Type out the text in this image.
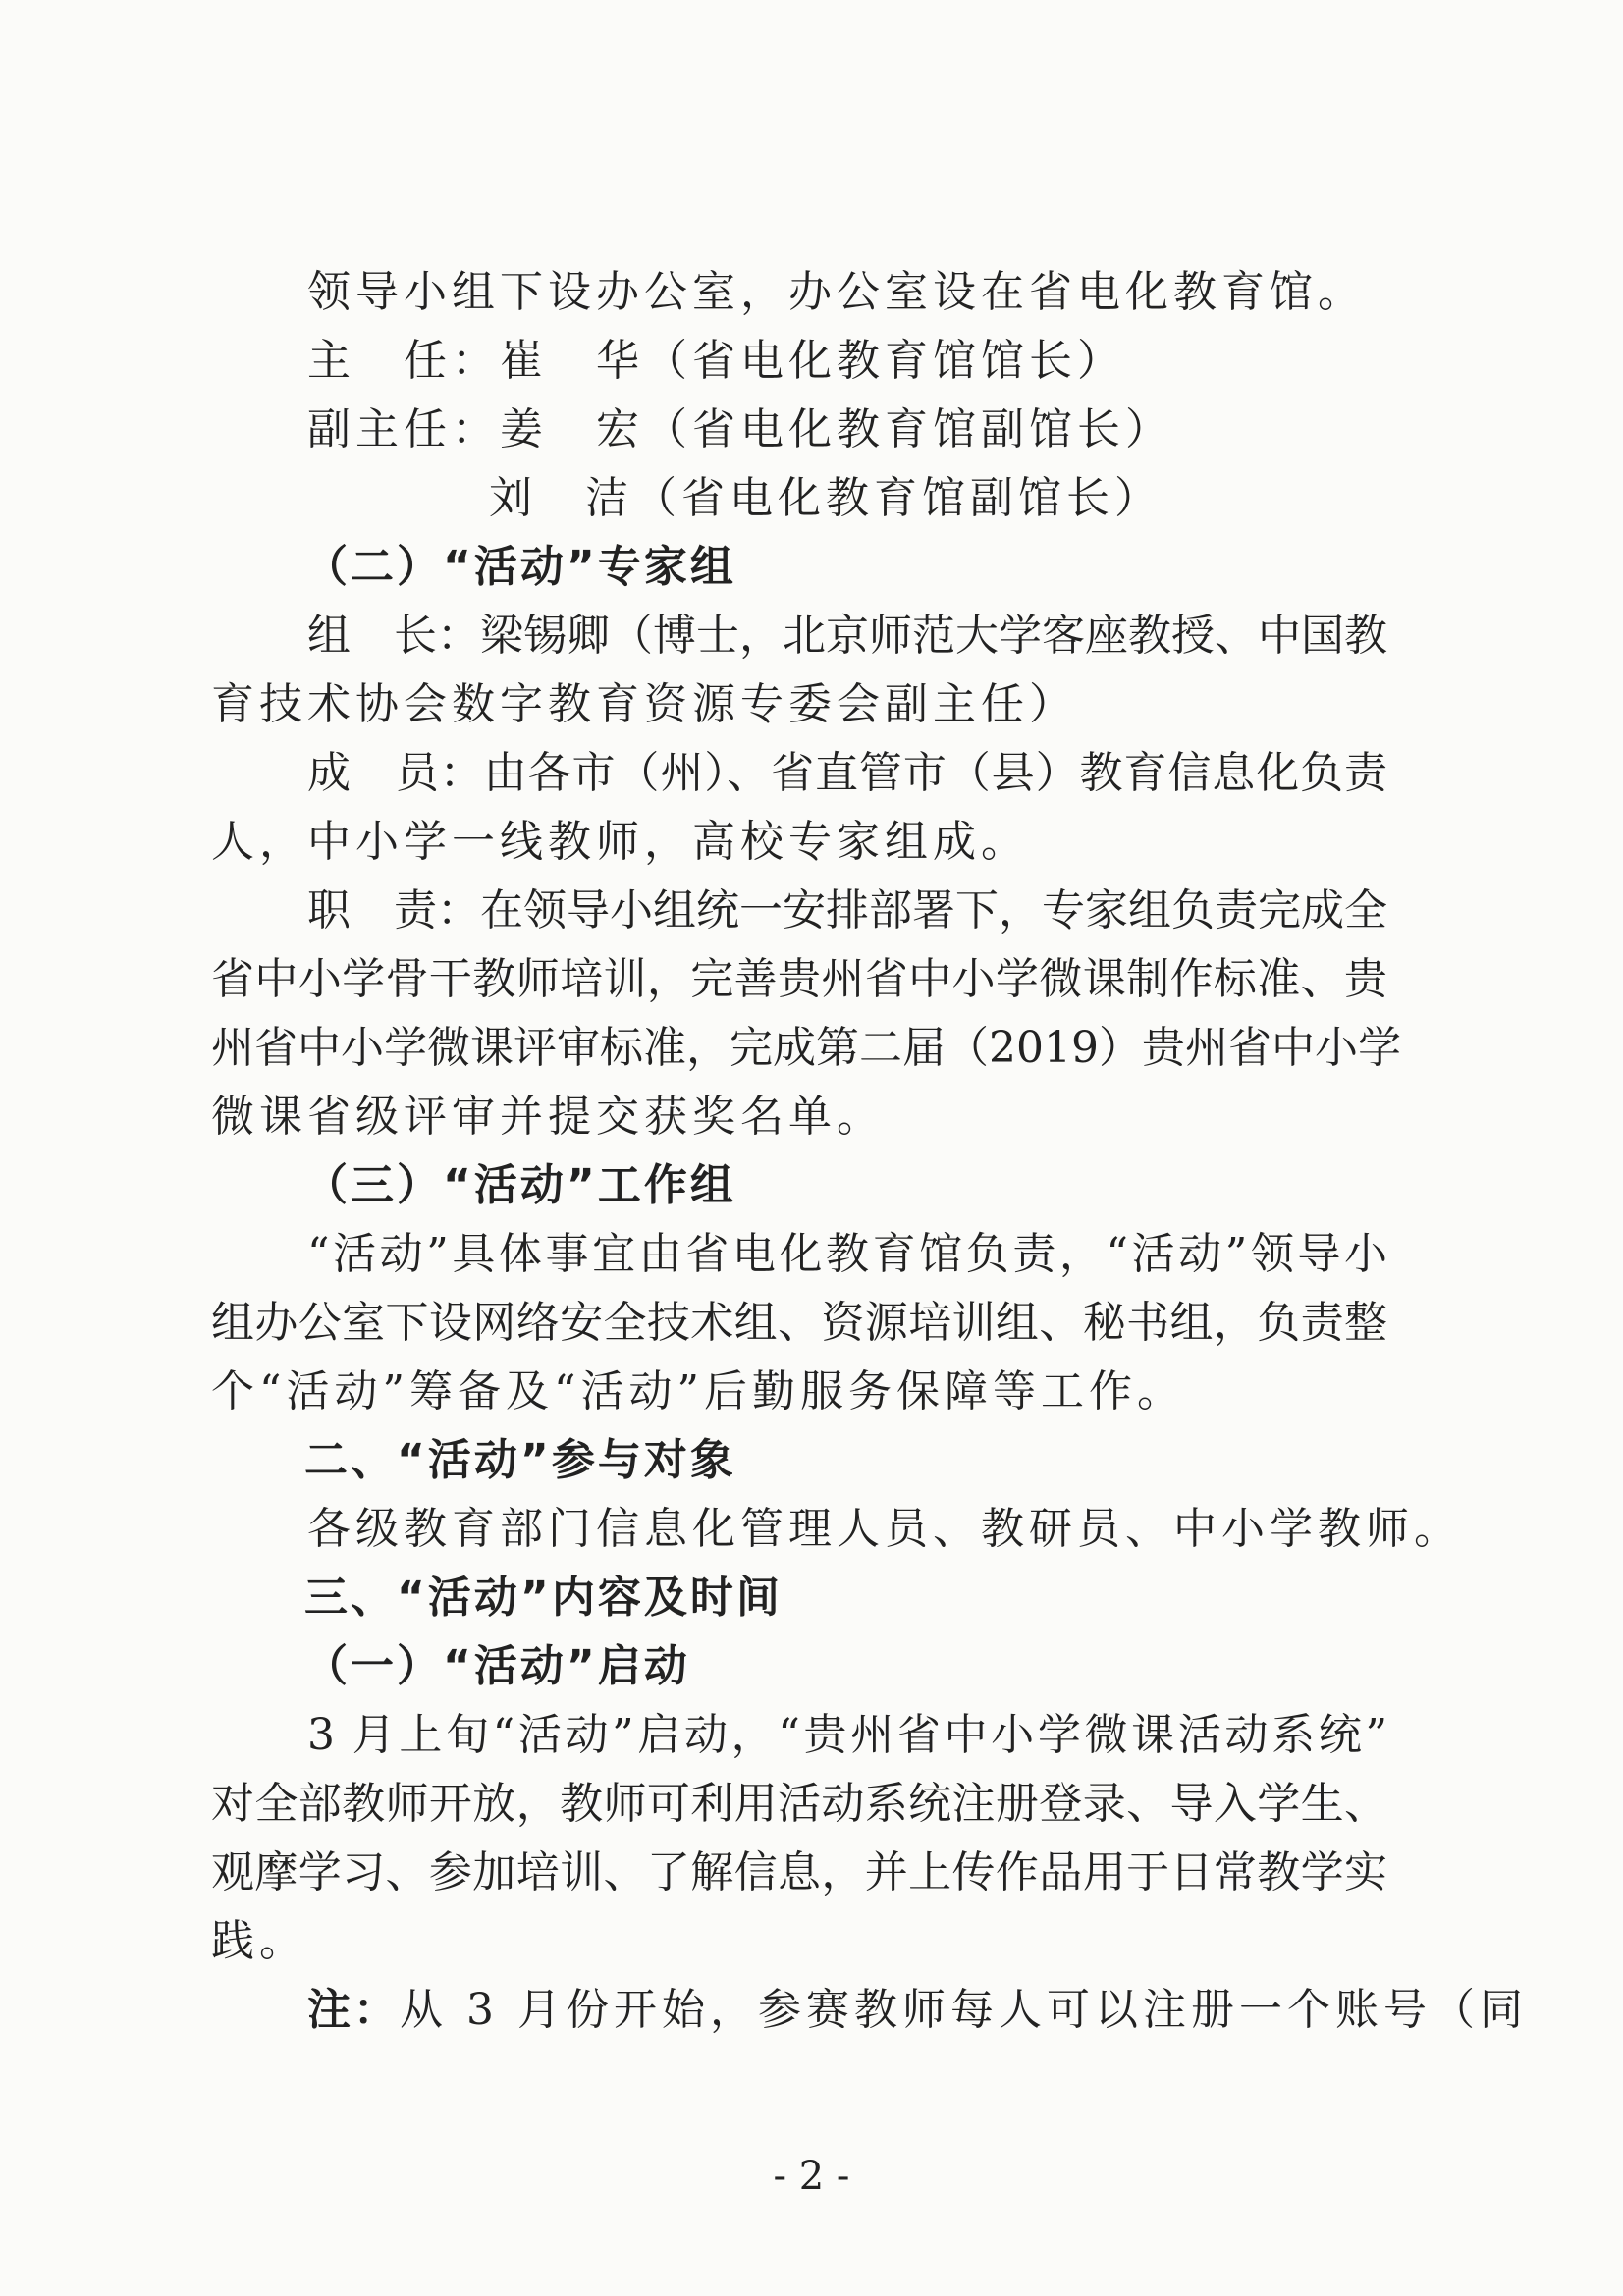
领导小组下设办公室，办公室设在省电化教育馆。
主　任：崔　华（省电化教育馆馆长）
副主任：姜　宏（省电化教育馆副馆长）
刘　洁（省电化教育馆副馆长）
（二）“活动”专家组
组　长：梁锡卿（博士，北京师范大学客座教授、中国教
育技术协会数字教育资源专委会副主任）
成　员：由各市（州）、省直管市（县）教育信息化负责
人，中小学一线教师，高校专家组成。
职　责：在领导小组统一安排部署下，专家组负责完成全
省中小学骨干教师培训，完善贵州省中小学微课制作标准、贵
州省中小学微课评审标准，完成第二届（2019）贵州省中小学
微课省级评审并提交获奖名单。
（三）“活动”工作组
“活动”具体事宜由省电化教育馆负责，“活动”领导小
组办公室下设网络安全技术组、资源培训组、秘书组，负责整
个“活动”筹备及“活动”后勤服务保障等工作。
二、“活动”参与对象
各级教育部门信息化管理人员、教研员、中小学教师。
三、“活动”内容及时间
（一）“活动”启动
3 月上旬“活动”启动，“贵州省中小学微课活动系统”
对全部教师开放，教师可利用活动系统注册登录、导入学生、
观摩学习、参加培训、了解信息，并上传作品用于日常教学实
践。
注：从 3 月份开始，参赛教师每人可以注册一个账号（同
- 2 -
